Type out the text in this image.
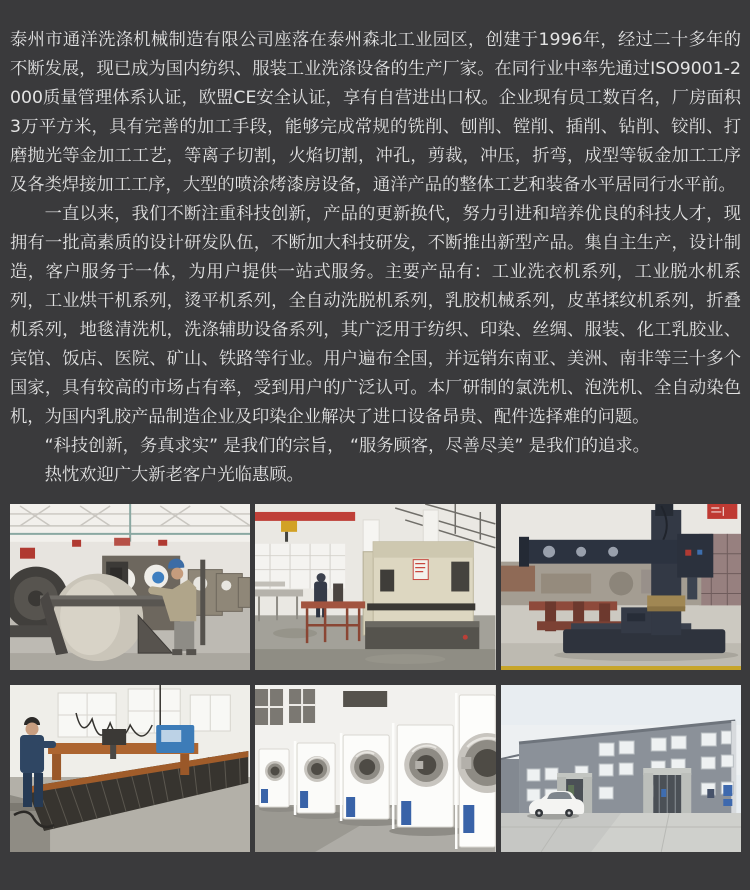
泰州市通洋洗涤机械制造有限公司座落在泰州森北工业园区，创建于1996年，经过二十多年的不断发展，现已成为国内纺织、服装工业洗涤设备的生产厂家。在同行业中率先通过ISO9001-2000质量管理体系认证，欧盟CE安全认证，享有自营进出口权。企业现有员工数百名，厂房面积3万平方米，具有完善的加工手段，能够完成常规的铣削、刨削、镗削、插削、钻削、铰削、打磨抛光等金加工工艺，等离子切割，火焰切割，冲孔，剪裁，冲压，折弯，成型等钣金加工工序及各类焊接加工工序，大型的喷涂烤漆房设备，通洋产品的整体工艺和装备水平居同行水平前。

一直以来，我们不断注重科技创新，产品的更新换代，努力引进和培养优良的科技人才，现拥有一批高素质的设计研发队伍，不断加大科技研发，不断推出新型产品。集自主生产，设计制造，客户服务于一体，为用户提供一站式服务。主要产品有：工业洗衣机系列，工业脱水机系列，工业烘干机系列，烫平机系列，全自动洗脱机系列，乳胶机械系列，皮革揉纹机系列，折叠机系列，地毯清洗机，洗涤辅助设备系列，其广泛用于纺织、印染、丝绸、服装、化工乳胶业、宾馆、饭店、医院、矿山、铁路等行业。用户遍布全国，并远销东南亚、美洲、南非等三十多个国家，具有较高的市场占有率，受到用户的广泛认可。本厂研制的氯洗机、泡洗机、全自动染色机，为国内乳胶产品制造企业及印染企业解决了进口设备昂贵、配件选择难的问题。

“科技创新，务真求实” 是我们的宗旨， “服务顾客，尽善尽美” 是我们的追求。

热忱欢迎广大新老客户光临惠顾。
